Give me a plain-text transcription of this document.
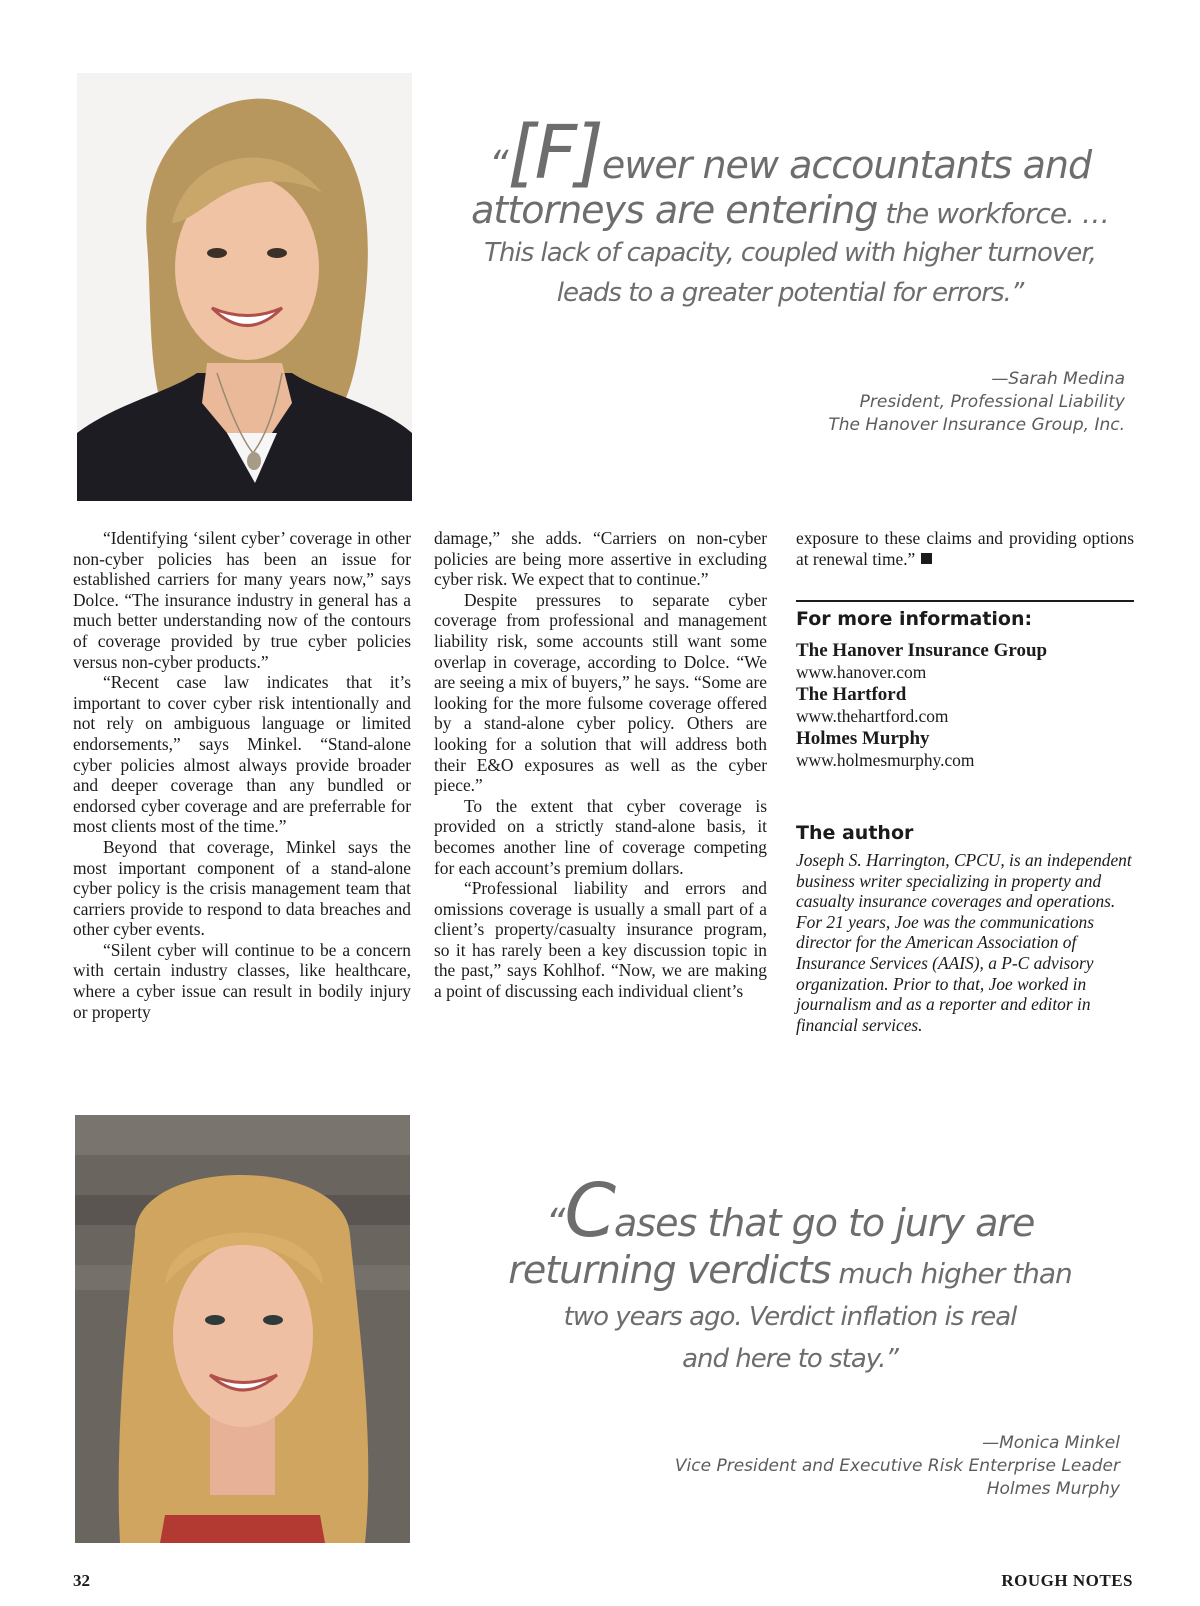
“[F]ewer new accountants and
attorneys are entering the workforce. …
This lack of capacity, coupled with higher turnover,
leads to a greater potential for errors.”
—Sarah Medina
President, Professional Liability
The Hanover Insurance Group, Inc.

“Identifying ‘silent cyber’ coverage in other non-cyber policies has been an issue for established carriers for many years now,” says Dolce. “The insurance industry in general has a much better understanding now of the contours of coverage provided by true cyber policies versus non-cyber products.”

“Recent case law indicates that it’s important to cover cyber risk intentionally and not rely on ambiguous language or limited endorsements,” says Minkel. “Stand-alone cyber policies almost always provide broader and deeper coverage than any bundled or endorsed cyber coverage and are preferrable for most clients most of the time.”

Beyond that coverage, Minkel says the most important component of a stand-alone cyber policy is the crisis management team that carriers provide to respond to data breaches and other cyber events.

“Silent cyber will continue to be a concern with certain industry classes, like healthcare, where a cyber issue can result in bodily injury or property

damage,” she adds. “Carriers on non-cyber policies are being more assertive in excluding cyber risk. We expect that to continue.”

Despite pressures to separate cyber coverage from professional and management liability risk, some accounts still want some overlap in coverage, according to Dolce. “We are seeing a mix of buyers,” he says. “Some are looking for the more fulsome coverage offered by a stand-alone cyber policy. Others are looking for a solution that will address both their E&O exposures as well as the cyber piece.”

To the extent that cyber coverage is provided on a strictly stand-alone basis, it becomes another line of coverage competing for each account’s premium dollars.

“Professional liability and errors and omissions coverage is usually a small part of a client’s property/casualty insurance program, so it has rarely been a key discussion topic in the past,” says Kohlhof. “Now, we are making a point of discussing each individual client’s

exposure to these claims and providing options at renewal time.”

For more information:
The Hanover Insurance Group
www.hanover.com
The Hartford
www.thehartford.com
Holmes Murphy
www.holmesmurphy.com
The author
Joseph S. Harrington, CPCU, is an independent business writer specializing in property and casualty insurance coverages and operations. For 21 years, Joe was the communications director for the American Association of Insurance Services (AAIS), a P-C advisory organization. Prior to that, Joe worked in journalism and as a reporter and editor in financial services.
“Cases that go to jury are
returning verdicts much higher than
two years ago. Verdict inflation is real
and here to stay.”
—Monica Minkel
Vice President and Executive Risk Enterprise Leader
Holmes Murphy
32	ROUGH NOTES
